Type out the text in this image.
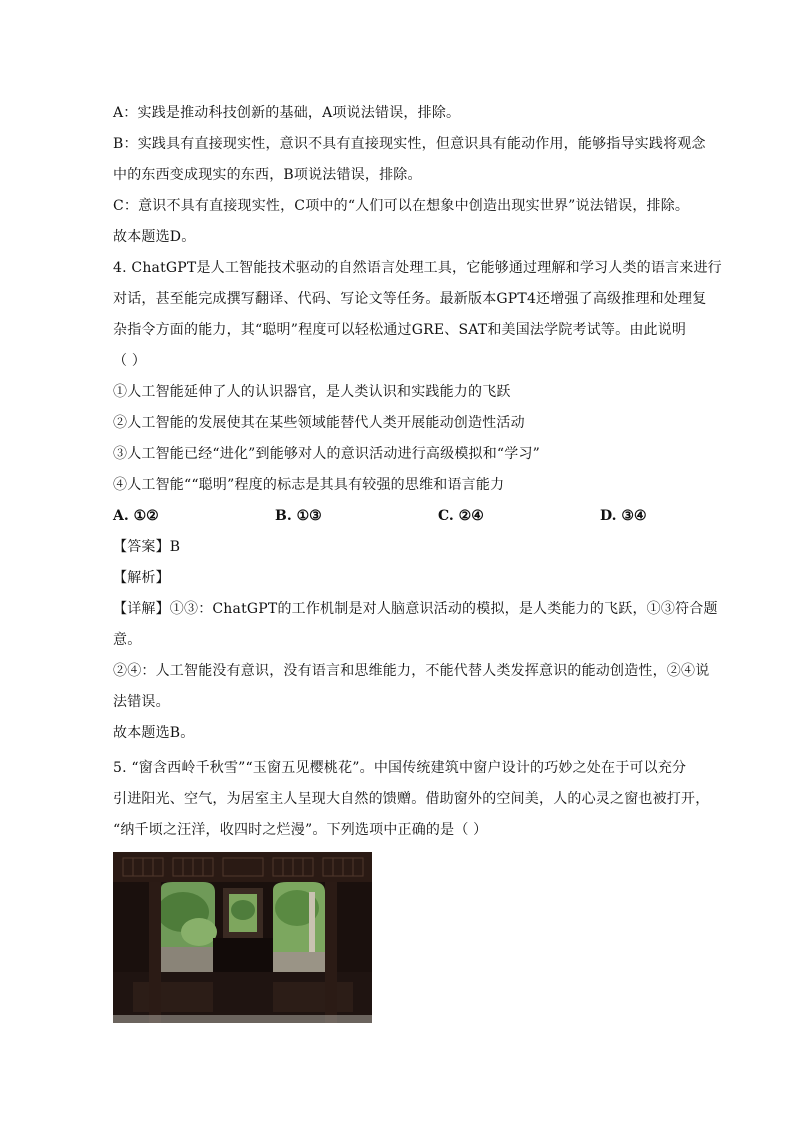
A：实践是推动科技创新的基础，A项说法错误，排除。
B：实践具有直接现实性，意识不具有直接现实性，但意识具有能动作用，能够指导实践将观念
中的东西变成现实的东西，B项说法错误，排除。
C：意识不具有直接现实性，C项中的“人们可以在想象中创造出现实世界”说法错误，排除。
故本题选D。
4. ChatGPT是人工智能技术驱动的自然语言处理工具，它能够通过理解和学习人类的语言来进行
对话，甚至能完成撰写翻译、代码、写论文等任务。最新版本GPT4还增强了高级推理和处理复
杂指令方面的能力，其“聪明”程度可以轻松通过GRE、SAT和美国法学院考试等。由此说明
（ ）
①人工智能延伸了人的认识器官，是人类认识和实践能力的飞跃
②人工智能的发展使其在某些领域能替代人类开展能动创造性活动
③人工智能已经“进化”到能够对人的意识活动进行高级模拟和“学习”
④人工智能““聪明”程度的标志是其具有较强的思维和语言能力
A. ①②	B. ①③	C. ②④	D. ③④
【答案】B
【解析】
【详解】①③：ChatGPT的工作机制是对人脑意识活动的模拟，是人类能力的飞跃，①③符合题
意。
②④：人工智能没有意识，没有语言和思维能力，不能代替人类发挥意识的能动创造性，②④说
法错误。
故本题选B。
5. “窗含西岭千秋雪”“玉窗五见樱桃花”。中国传统建筑中窗户设计的巧妙之处在于可以充分
引进阳光、空气，为居室主人呈现大自然的馈赠。借助窗外的空间美，人的心灵之窗也被打开，
“纳千顷之汪洋，收四时之烂漫”。下列选项中正确的是（ ）
